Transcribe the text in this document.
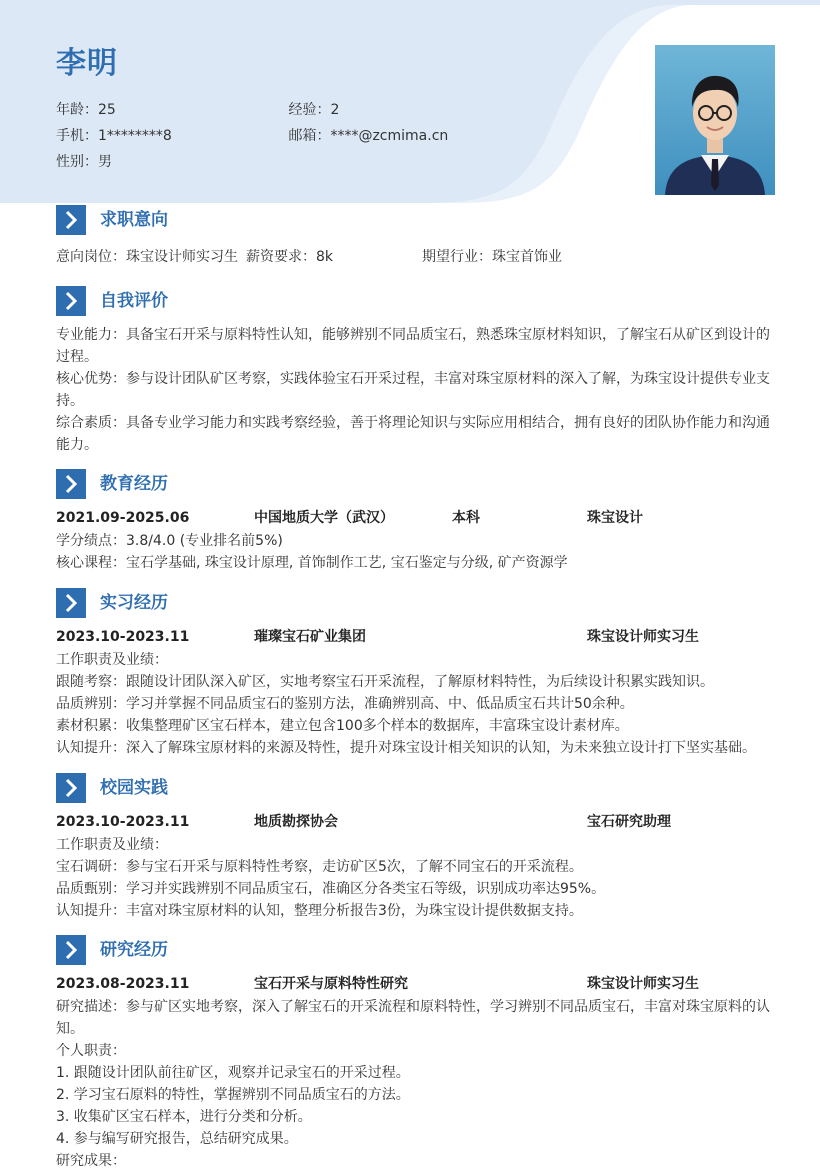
李明
年龄：25	经验：2
手机：1********8	邮箱：****@zcmima.cn
性别：男
求职意向
意向岗位：珠宝设计师实习生 薪资要求：8k	期望行业：珠宝首饰业
自我评价

专业能力：具备宝石开采与原料特性认知，能够辨别不同品质宝石，熟悉珠宝原材料知识，了解宝石从矿区到设计的过程。

核心优势：参与设计团队矿区考察，实践体验宝石开采过程，丰富对珠宝原材料的深入了解，为珠宝设计提供专业支持。

综合素质：具备专业学习能力和实践考察经验，善于将理论知识与实际应用相结合，拥有良好的团队协作能力和沟通能力。

教育经历
2021.09-2025.06	中国地质大学（武汉）	本科	珠宝设计

学分绩点：3.8/4.0 (专业排名前5%)

核心课程：宝石学基础, 珠宝设计原理, 首饰制作工艺, 宝石鉴定与分级, 矿产资源学

实习经历
2023.10-2023.11	璀璨宝石矿业集团	珠宝设计师实习生

工作职责及业绩：

跟随考察：跟随设计团队深入矿区，实地考察宝石开采流程，了解原材料特性，为后续设计积累实践知识。

品质辨别：学习并掌握不同品质宝石的鉴别方法，准确辨别高、中、低品质宝石共计50余种。

素材积累：收集整理矿区宝石样本，建立包含100多个样本的数据库，丰富珠宝设计素材库。

认知提升：深入了解珠宝原材料的来源及特性，提升对珠宝设计相关知识的认知，为未来独立设计打下坚实基础。

校园实践
2023.10-2023.11	地质勘探协会	宝石研究助理

工作职责及业绩：

宝石调研：参与宝石开采与原料特性考察，走访矿区5次，了解不同宝石的开采流程。

品质甄别：学习并实践辨别不同品质宝石，准确区分各类宝石等级，识别成功率达95%。

认知提升：丰富对珠宝原材料的认知，整理分析报告3份，为珠宝设计提供数据支持。

研究经历
2023.08-2023.11	宝石开采与原料特性研究	珠宝设计师实习生

研究描述：参与矿区实地考察，深入了解宝石的开采流程和原料特性，学习辨别不同品质宝石，丰富对珠宝原料的认知。

个人职责：

1. 跟随设计团队前往矿区，观察并记录宝石的开采过程。

2. 学习宝石原料的特性，掌握辨别不同品质宝石的方法。

3. 收集矿区宝石样本，进行分类和分析。

4. 参与编写研究报告，总结研究成果。

研究成果：
